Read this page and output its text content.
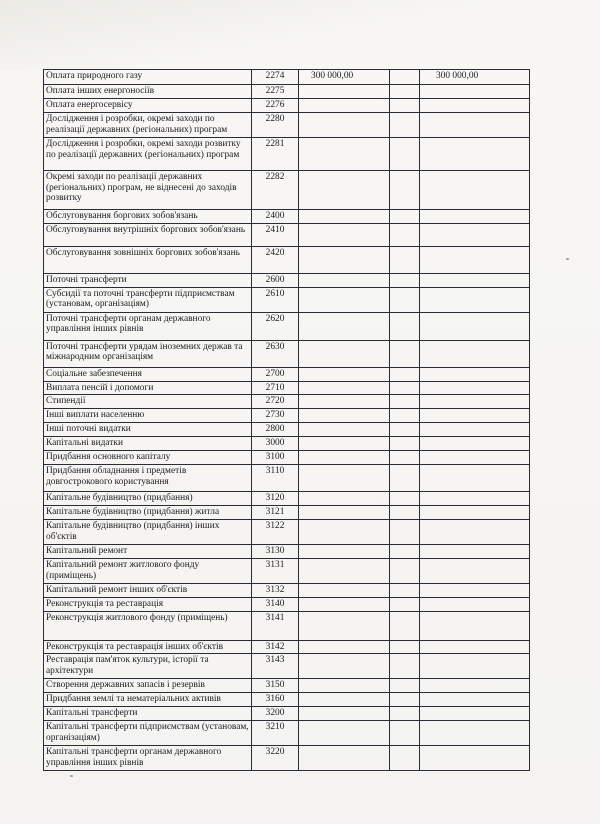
Оплата природного газу	2274	300 000,00		300 000,00
Оплата інших енергоносіїв	2275			
Оплата енергосервісу	2276			
Дослідження і розробки, окремі заходи по реалізації державних (регіональних) програм	2280			
Дослідження і розробки, окремі заходи розвитку по реалізації державних (регіональних) програм	2281			
Окремі заходи по реалізації державних (регіональних) програм, не віднесені до заходів розвитку	2282			
Обслуговування боргових зобов'язань	2400			
Обслуговування внутрішніх боргових зобов'язань	2410			
Обслуговування зовнішніх боргових зобов'язань	2420			
Поточні трансферти	2600			
Субсидії та поточні трансферти підприємствам (установам, організаціям)	2610			
Поточні трансферти органам державного управління інших рівнів	2620			
Поточні трансферти урядам іноземних держав та міжнародним організаціям	2630			
Соціальне забезпечення	2700			
Виплата пенсій і допомоги	2710			
Стипендії	2720			
Інші виплати населенню	2730			
Інші поточні видатки	2800			
Капітальні видатки	3000			
Придбання основного капіталу	3100			
Придбання обладнання і предметів довгострокового користування	3110			
Капітальне будівництво (придбання)	3120			
Капітальне будівництво (придбання) житла	3121			
Капітальне будівництво (придбання) інших об'єктів	3122			
Капітальний ремонт	3130			
Капітальний ремонт житлового фонду (приміщень)	3131			
Капітальний ремонт інших об'єктів	3132			
Реконструкція та реставрація	3140			
Реконструкція житлового фонду (приміщень)	3141			
Реконструкція та реставрація інших об'єктів	3142			
Реставрація пам'яток культури, історії та архітектури	3143			
Створення державних запасів і резервів	3150			
Придбання землі та нематеріальних активів	3160			
Капітальні трансферти	3200			
Капітальні трансферти підприємствам (установам, організаціям)	3210			
Капітальні трансферти органам державного управління інших рівнів	3220			
